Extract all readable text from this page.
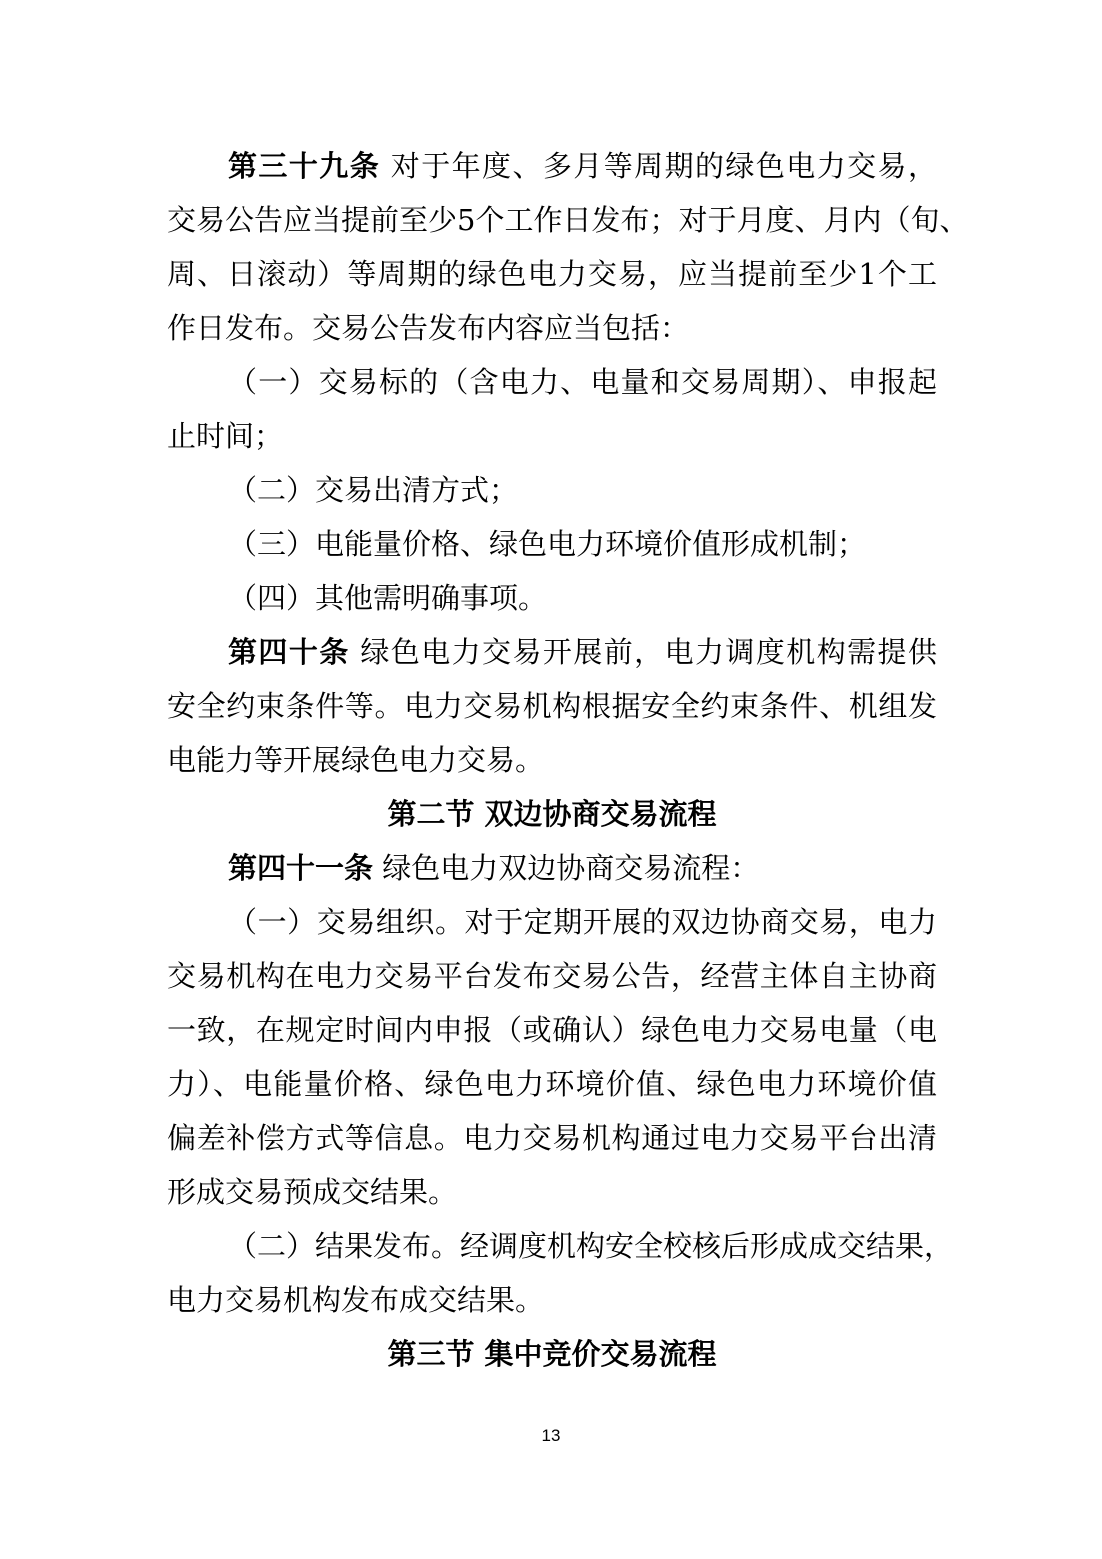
第三十九条 对于年度、多月等周期的绿色电力交易，
交易公告应当提前至少5个工作日发布；对于月度、月内（旬、
周、日滚动）等周期的绿色电力交易，应当提前至少1个工
作日发布。交易公告发布内容应当包括：
（一）交易标的（含电力、电量和交易周期）、申报起
止时间；
（二）交易出清方式；
（三）电能量价格、绿色电力环境价值形成机制；
（四）其他需明确事项。
第四十条 绿色电力交易开展前，电力调度机构需提供
安全约束条件等。电力交易机构根据安全约束条件、机组发
电能力等开展绿色电力交易。
第二节 双边协商交易流程
第四十一条 绿色电力双边协商交易流程：
（一）交易组织。对于定期开展的双边协商交易，电力
交易机构在电力交易平台发布交易公告，经营主体自主协商
一致，在规定时间内申报（或确认）绿色电力交易电量（电
力）、电能量价格、绿色电力环境价值、绿色电力环境价值
偏差补偿方式等信息。电力交易机构通过电力交易平台出清
形成交易预成交结果。
（二）结果发布。经调度机构安全校核后形成成交结果，
电力交易机构发布成交结果。
第三节 集中竞价交易流程
13
